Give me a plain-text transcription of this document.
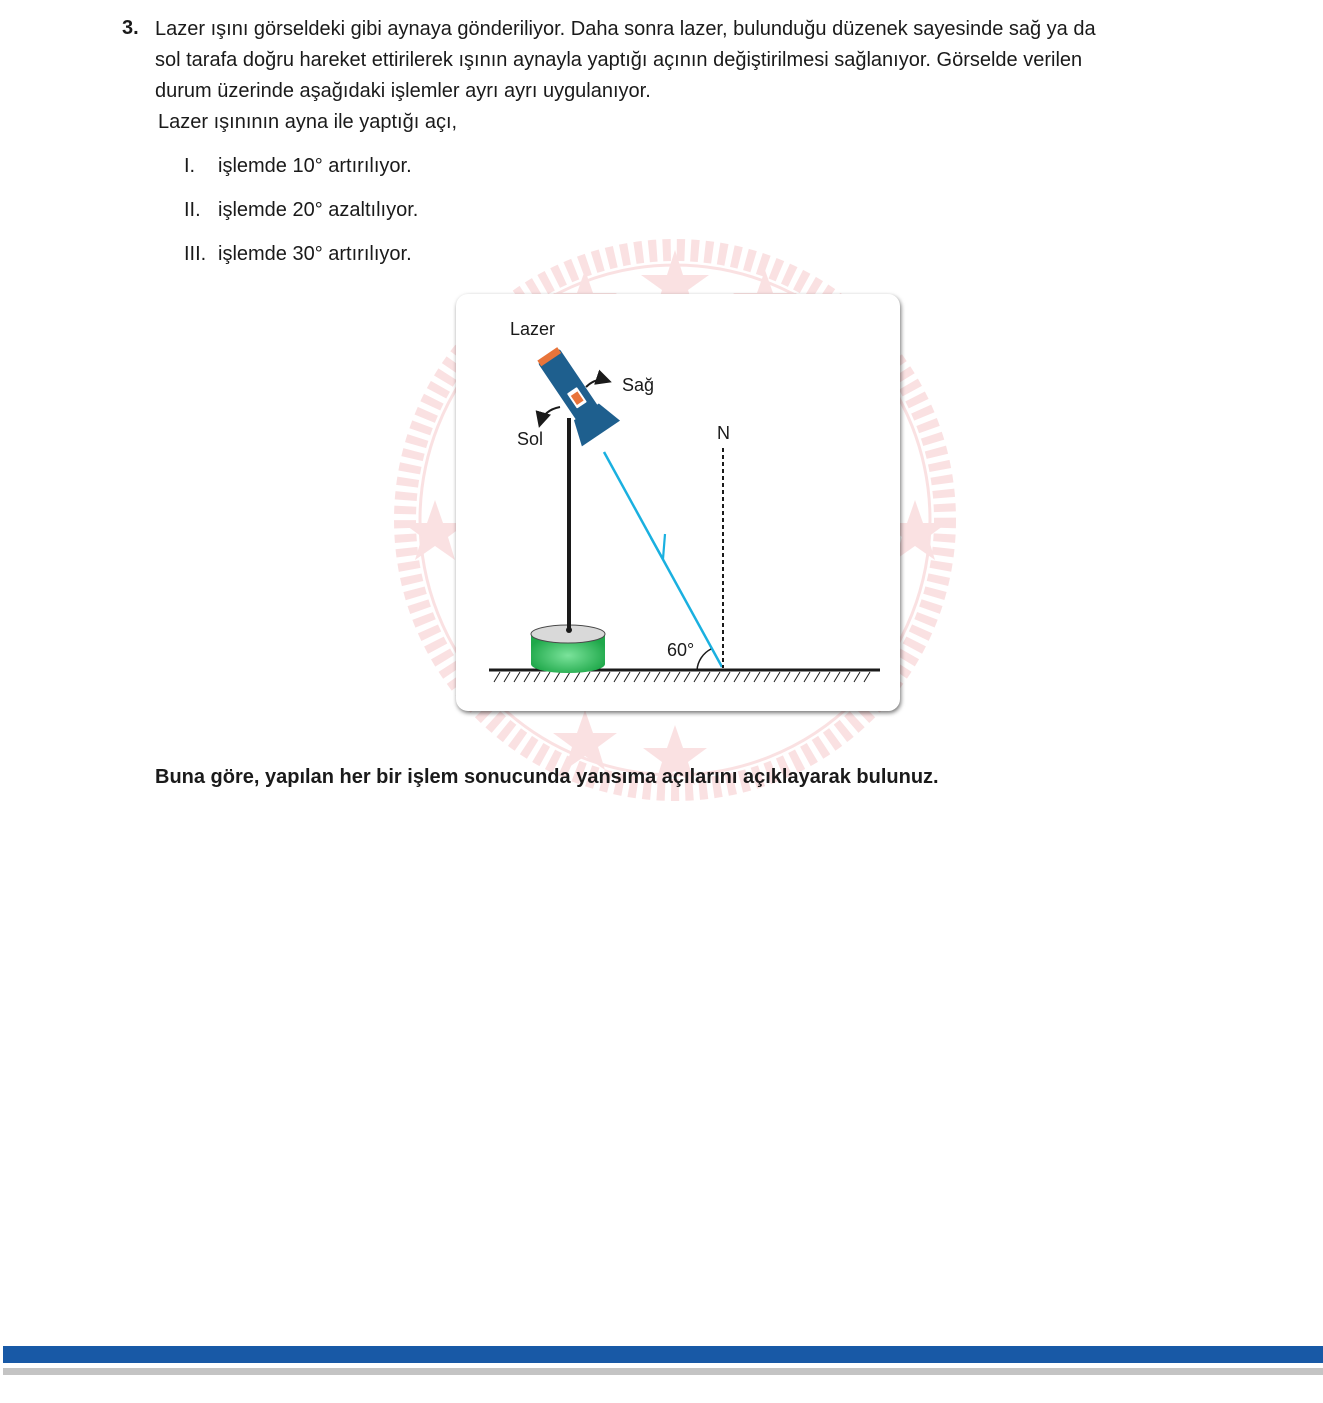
3. Lazer ışını görseldeki gibi aynaya gönderiliyor. Daha sonra lazer, bulunduğu düzenek sayesinde sağ ya da
sol tarafa doğru hareket ettirilerek ışının aynayla yaptığı açının değiştirilmesi sağlanıyor. Görselde verilen
durum üzerinde aşağıdaki işlemler ayrı ayrı uygulanıyor.
Lazer ışınının ayna ile yaptığı açı,
I. işlemde 10° artırılıyor.
II. işlemde 20° azaltılıyor.
III. işlemde 30° artırılıyor.
Lazer
Sağ
Sol	N
60°
Buna göre, yapılan her bir işlem sonucunda yansıma açılarını açıklayarak bulunuz.
